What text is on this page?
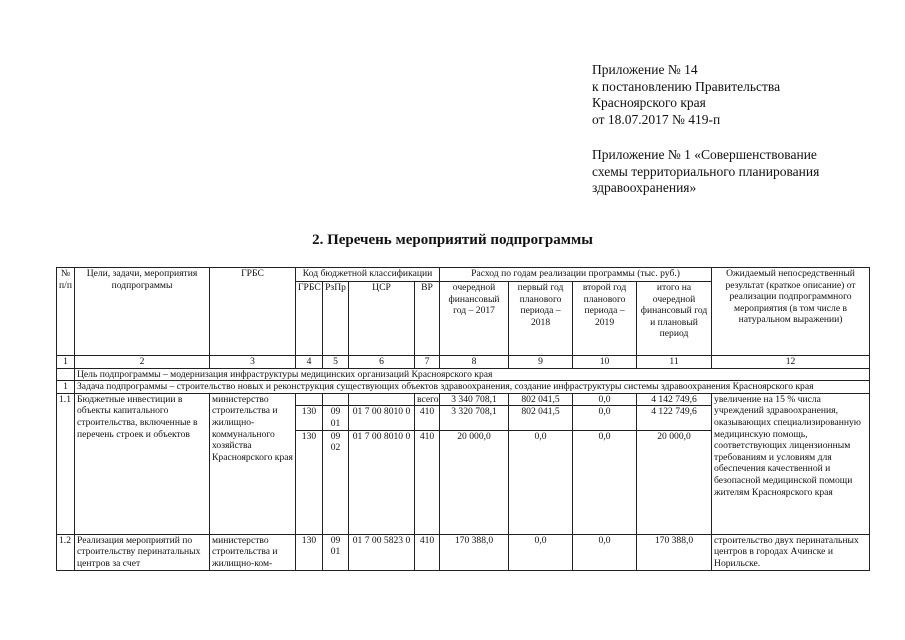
Приложение № 14
к постановлению Правительства
Красноярского края
от 18.07.2017 № 419-п
Приложение № 1 «Совершенствование
схемы территориального планирования
здравоохранения»
2. Перечень мероприятий подпрограммы
№ п/п	Цели, задачи, мероприятия подпрограммы	ГРБС	Код бюджетной классификации				Расход по годам реализации программы (тыс. руб.)				Ожидаемый непосредственный результат (краткое описание) от реализации подпрограммного мероприятия (в том числе в натуральном выражении)
			ГРБС	РзПр	ЦСР	ВР	очередной финансовый год – 2017	первый год планового периода – 2018	второй год планового периода – 2019	итого на очередной финансовый год и плановый период	
1	2	3	4	5	6	7	8	9	10	11	12
	Цель подпрограммы – модернизация инфраструктуры медицинских организаций Красноярского края										
1	Задача подпрограммы – строительство новых и реконструкция существующих объектов здравоохранения, создание инфраструктуры системы здравоохранения Красноярского края										
1.1	Бюджетные инвестиции в объекты капитального строительства, включенные в перечень строек и объектов	министерство строительства и жилищно-коммунального хозяйства Красноярского края				всего	3 340 708,1	802 041,5	0,0	4 142 749,6	увеличение на 15 % числа учреждений здравоохранения, оказывающих специализированную медицинскую помощь, соответствующих лицензионным требованиям и условиям для обеспечения качественной и безопасной медицинской помощи жителям Красноярского края
			130	09 01	01 7 00 8010 0	410	3 320 708,1	802 041,5	0,0	4 122 749,6	
			130	09 02	01 7 00 8010 0	410	20 000,0	0,0	0,0	20 000,0	
1.2	Реализация мероприятий по строительству перинатальных центров за счет	министерство строительства и жилищно-ком-	130	09 01	01 7 00 5823 0	410	170 388,0	0,0	0,0	170 388,0	строительство двух перинатальных центров в городах Ачинске и Норильске.
